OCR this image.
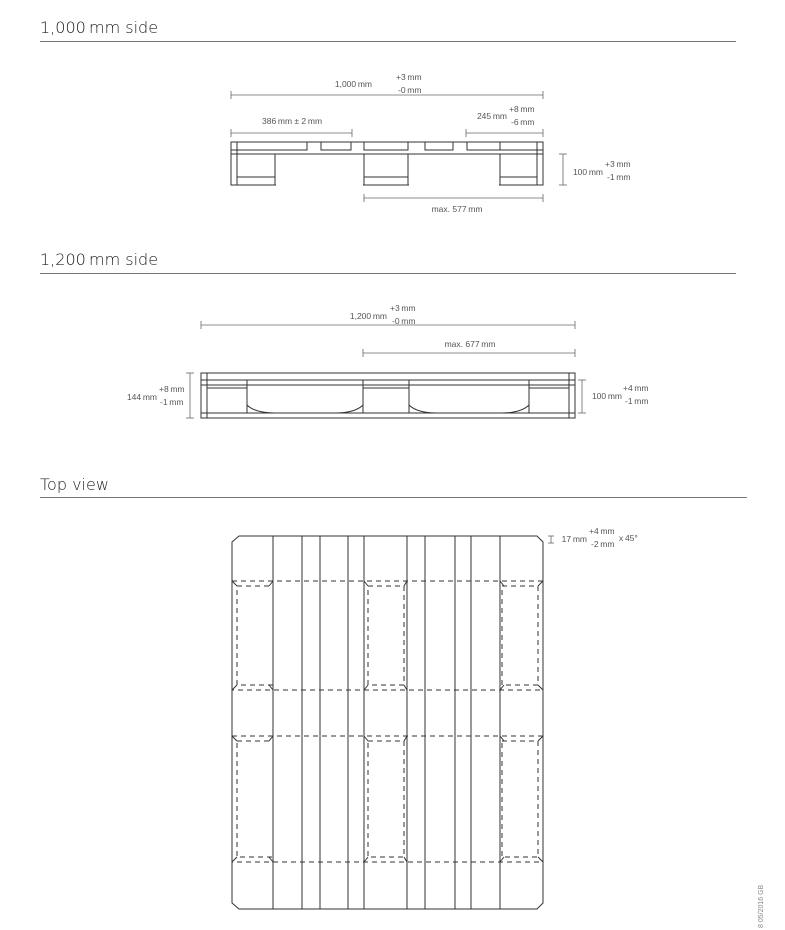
1,000 mm side
1,200 mm side
Top view
1,000 mm
+3 mm
-0 mm
386 mm ± 2 mm	245 mm
+8 mm
-6 mm
100 mm
+3 mm
-1 mm
max. 577 mm
1,200 mm
+3 mm
-0 mm
max. 677 mm
144 mm
+8 mm
-1 mm
100 mm
+4 mm
-1 mm
17 mm
+4 mm
-2 mm
x 45°
8 05/2016 GB
